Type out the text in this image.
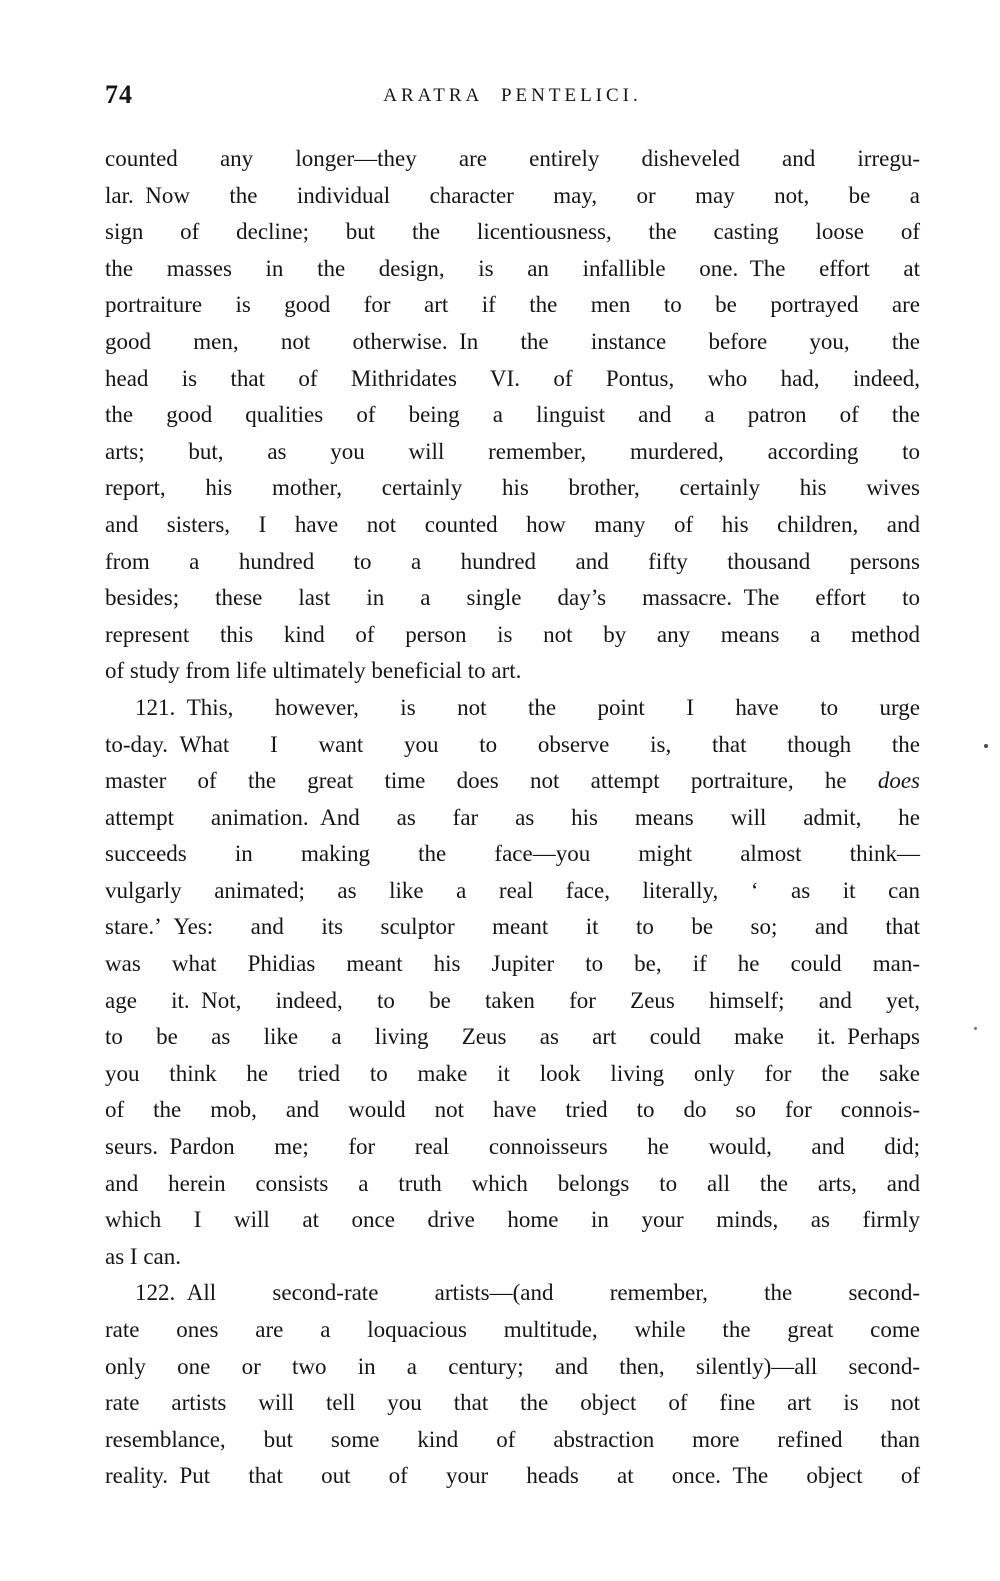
74	ARATRA PENTELICI.
counted any longer—they are entirely disheveled and irregu-
lar. Now the individual character may, or may not, be a
sign of decline; but the licentiousness, the casting loose of
the masses in the design, is an infallible one. The effort at
portraiture is good for art if the men to be portrayed are
good men, not otherwise. In the instance before you, the
head is that of Mithridates VI. of Pontus, who had, indeed,
the good qualities of being a linguist and a patron of the
arts; but, as you will remember, murdered, according to
report, his mother, certainly his brother, certainly his wives
and sisters, I have not counted how many of his children, and
from a hundred to a hundred and fifty thousand persons
besides; these last in a single day’s massacre. The effort to
represent this kind of person is not by any means a method
of study from life ultimately beneficial to art.
121. This, however, is not the point I have to urge
to-day. What I want you to observe is, that though the
master of the great time does not attempt portraiture, he does
attempt animation. And as far as his means will admit, he
succeeds in making the face—you might almost think—
vulgarly animated; as like a real face, literally, ‘ as it can
stare.’ Yes: and its sculptor meant it to be so; and that
was what Phidias meant his Jupiter to be, if he could man-
age it. Not, indeed, to be taken for Zeus himself; and yet,
to be as like a living Zeus as art could make it. Perhaps
you think he tried to make it look living only for the sake
of the mob, and would not have tried to do so for connois-
seurs. Pardon me; for real connoisseurs he would, and did;
and herein consists a truth which belongs to all the arts, and
which I will at once drive home in your minds, as firmly
as I can.
122. All second-rate artists—(and remember, the second-
rate ones are a loquacious multitude, while the great come
only one or two in a century; and then, silently)—all second-
rate artists will tell you that the object of fine art is not
resemblance, but some kind of abstraction more refined than
reality. Put that out of your heads at once. The object of
